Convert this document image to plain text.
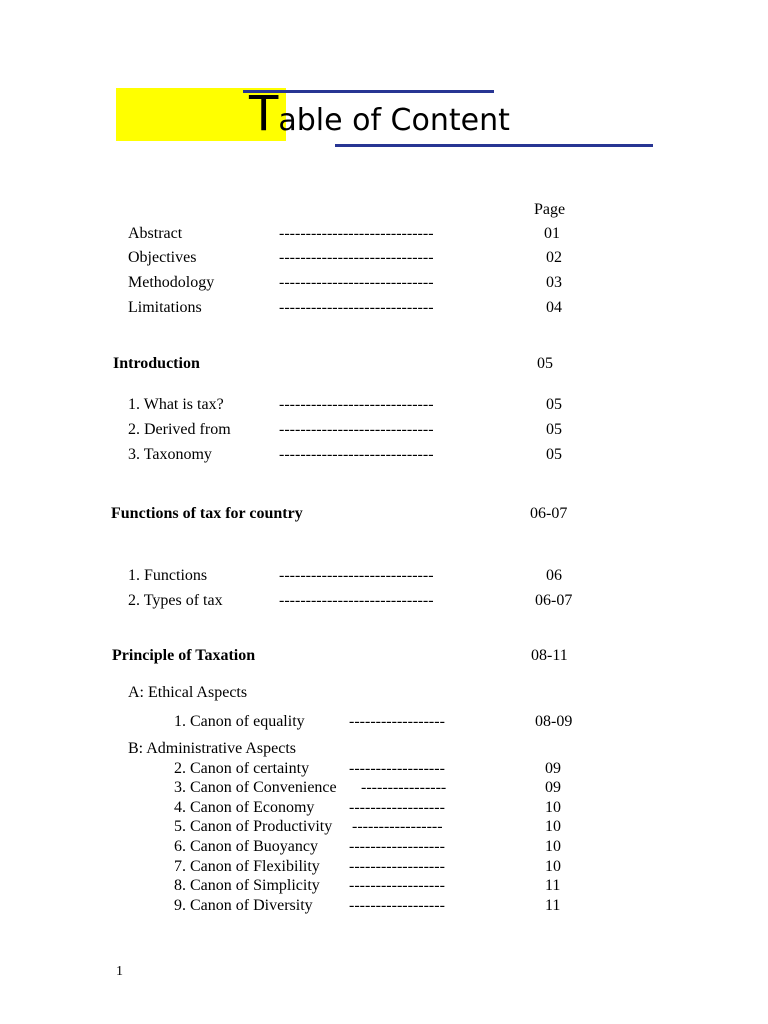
Table of Content
Page
Abstract	-----------------------------	01
Objectives	-----------------------------	02
Methodology	-----------------------------	03
Limitations	-----------------------------	04
Introduction	05
1. What is tax?	-----------------------------	05
2. Derived from	-----------------------------	05
3. Taxonomy	-----------------------------	05
Functions of tax for country	06-07
1. Functions	-----------------------------	06
2. Types of tax	-----------------------------	06-07
Principle of Taxation	08-11
A: Ethical Aspects
1. Canon of equality	------------------	08-09
B: Administrative Aspects
2. Canon of certainty ------------------	09
3. Canon of Convenience ----------------	09
4. Canon of Economy ------------------	10
5. Canon of Productivity -----------------	10
6. Canon of Buoyancy ------------------	10
7. Canon of Flexibility ------------------	10
8. Canon of Simplicity ------------------	11
9. Canon of Diversity ------------------	11
1
